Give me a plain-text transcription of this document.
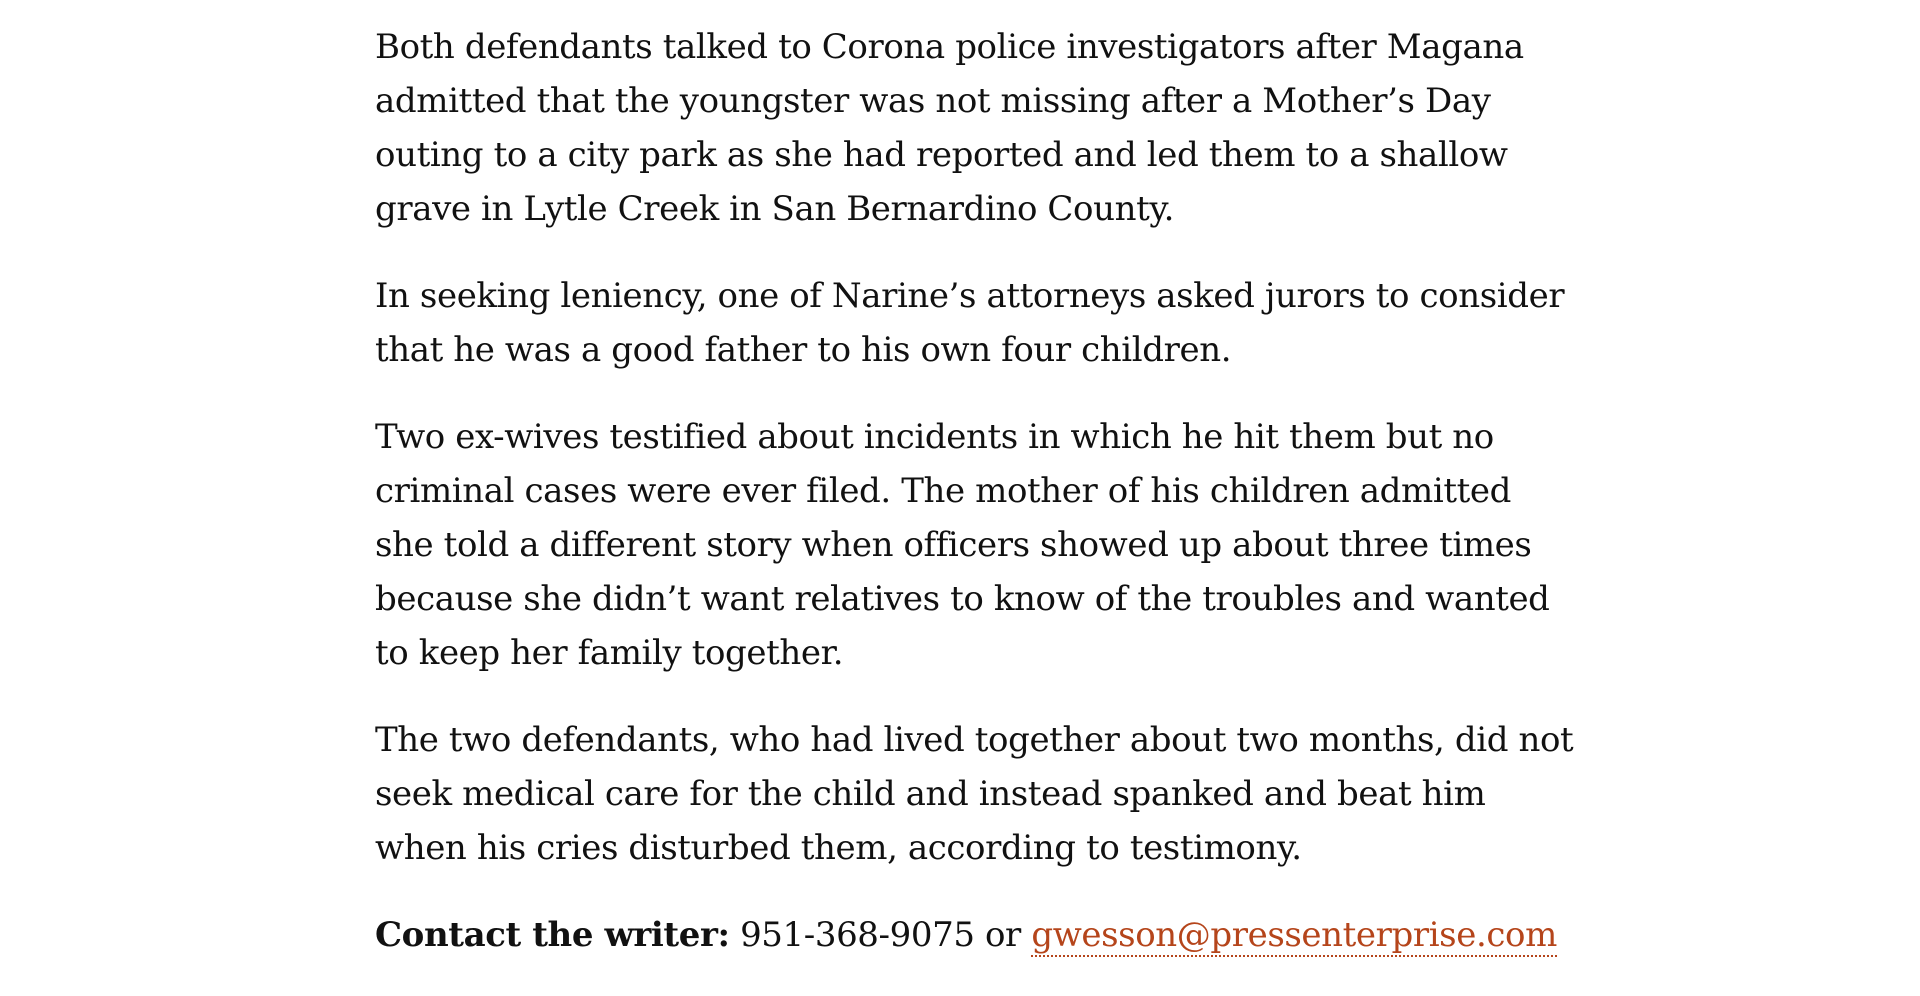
Both defendants talked to Corona police investigators after Magana admitted that the youngster was not missing after a Mother’s Day outing to a city park as she had reported and led them to a shallow grave in Lytle Creek in San Bernardino County.

In seeking leniency, one of Narine’s attorneys asked jurors to consider that he was a good father to his own four children.

Two ex-wives testified about incidents in which he hit them but no criminal cases were ever filed. The mother of his children admitted she told a different story when officers showed up about three times because she didn’t want relatives to know of the troubles and wanted to keep her family together.

The two defendants, who had lived together about two months, did not seek medical care for the child and instead spanked and beat him when his cries disturbed them, according to testimony.

Contact the writer: 951-368-9075 or gwesson@pressenterprise.com
